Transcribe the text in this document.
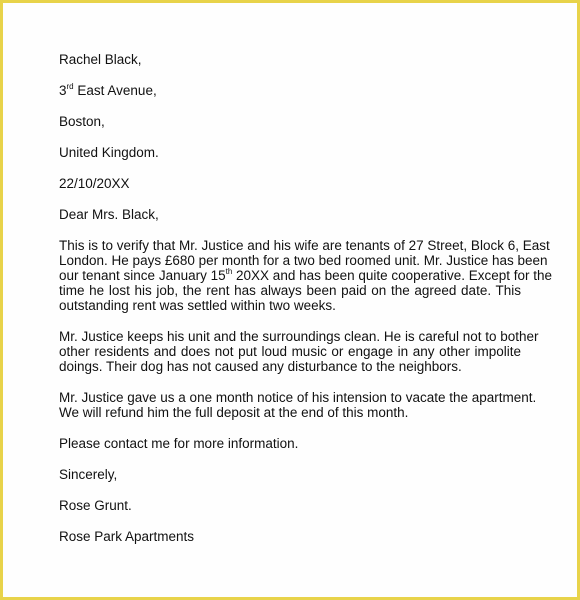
Rachel Black,
3rd East Avenue,
Boston,
United Kingdom.
22/10/20XX
Dear Mrs. Black,
This is to verify that Mr. Justice and his wife are tenants of 27 Street, Block 6, East
London. He pays £680 per month for a two bed roomed unit. Mr. Justice has been
our tenant since January 15th 20XX and has been quite cooperative. Except for the
time he lost his job, the rent has always been paid on the agreed date. This
outstanding rent was settled within two weeks.
Mr. Justice keeps his unit and the surroundings clean. He is careful not to bother
other residents and does not put loud music or engage in any other impolite
doings. Their dog has not caused any disturbance to the neighbors.
Mr. Justice gave us a one month notice of his intension to vacate the apartment.
We will refund him the full deposit at the end of this month.
Please contact me for more information.
Sincerely,
Rose Grunt.
Rose Park Apartments
